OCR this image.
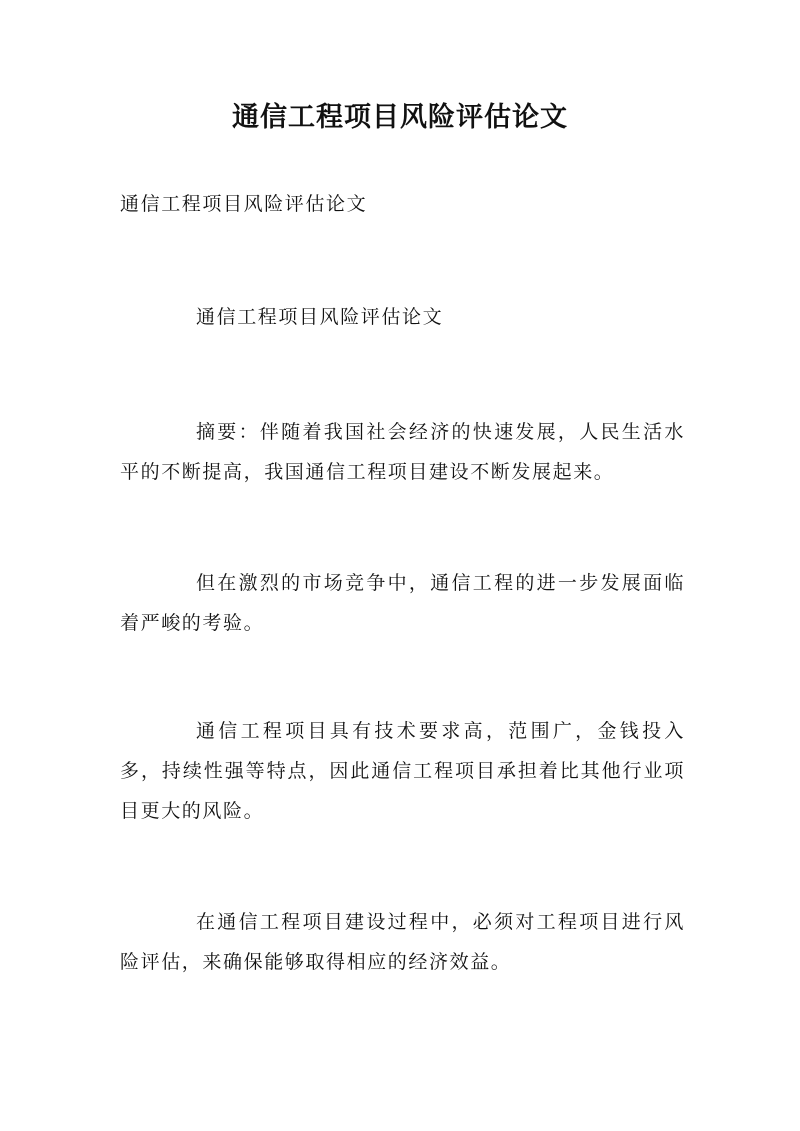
通信工程项目风险评估论文

通信工程项目风险评估论文

通信工程项目风险评估论文

摘要：伴随着我国社会经济的快速发展，人民生活水平的不断提高，我国通信工程项目建设不断发展起来。

但在激烈的市场竞争中，通信工程的进一步发展面临着严峻的考验。

通信工程项目具有技术要求高，范围广，金钱投入多，持续性强等特点，因此通信工程项目承担着比其他行业项目更大的风险。

在通信工程项目建设过程中，必须对工程项目进行风险评估，来确保能够取得相应的经济效益。
